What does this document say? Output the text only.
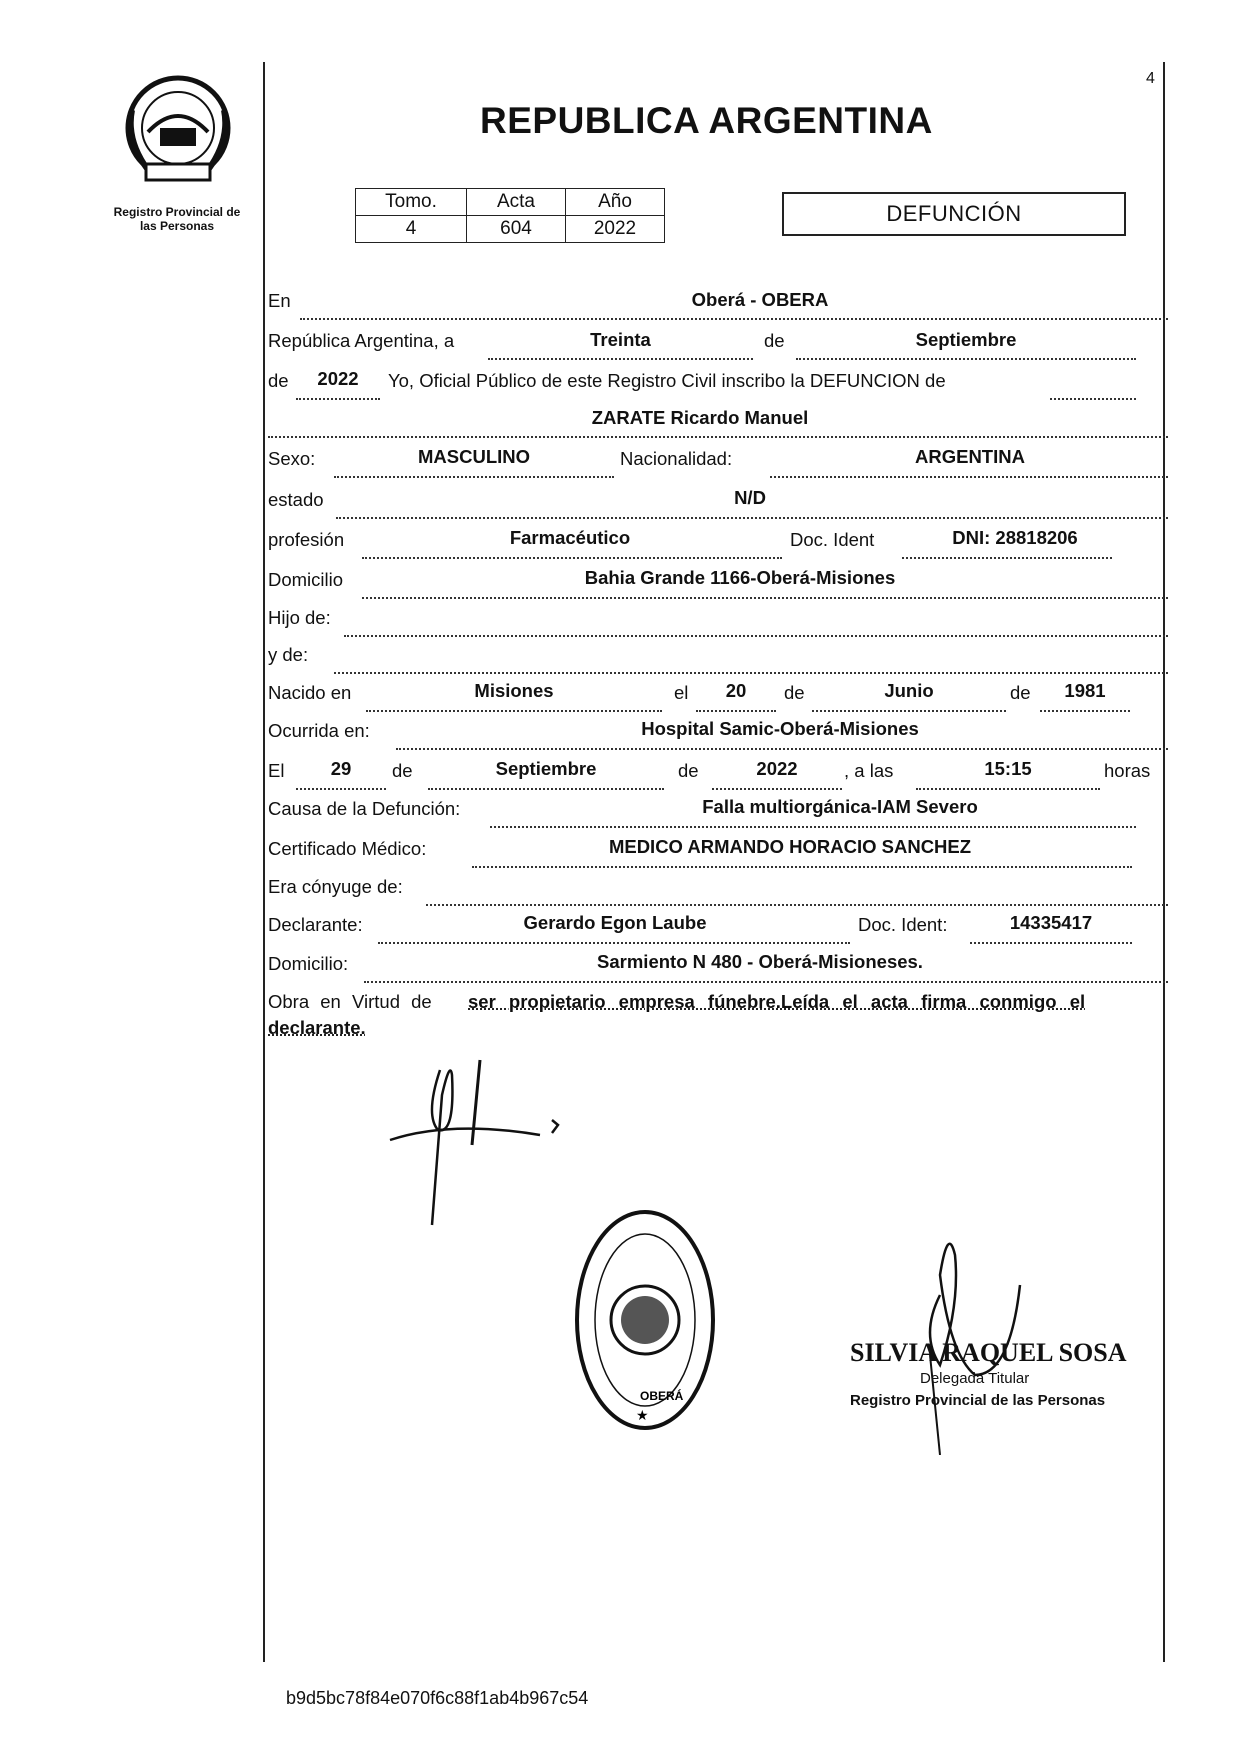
4
Registro Provincial de
las Personas
REPUBLICA ARGENTINA
Tomo.	Acta	Año
4	604	2022
DEFUNCIÓN
En	Oberá - OBERA
República Argentina, a	Treinta	de	Septiembre
de	2022	Yo, Oficial Público de este Registro Civil inscribo la DEFUNCION de
ZARATE Ricardo Manuel
Sexo:	MASCULINO	Nacionalidad:	ARGENTINA
estado	N/D
profesión	Farmacéutico	Doc. Ident	DNI: 28818206
Domicilio	Bahia Grande 1166-Oberá-Misiones
Hijo de:
y de:
Nacido en	Misiones	el	20	de	Junio	de	1981
Ocurrida en:	Hospital Samic-Oberá-Misiones
El	29	de	Septiembre	de	2022	, a las	15:15	horas
Causa de la Defunción:	Falla multiorgánica-IAM Severo
Certificado Médico:	MEDICO ARMANDO HORACIO SANCHEZ
Era cónyuge de:
Declarante:	Gerardo Egon Laube	Doc. Ident:	14335417
Domicilio:	Sarmiento N 480 - Oberá-Misioneses.
Obra en Virtud de ser propietario empresa fúnebre.Leída el acta firma conmigo el
declarante.
OBERÁ
★
SILVIA RAQUEL SOSA
Delegada Titular
Registro Provincial de las Personas
b9d5bc78f84e070f6c88f1ab4b967c54
